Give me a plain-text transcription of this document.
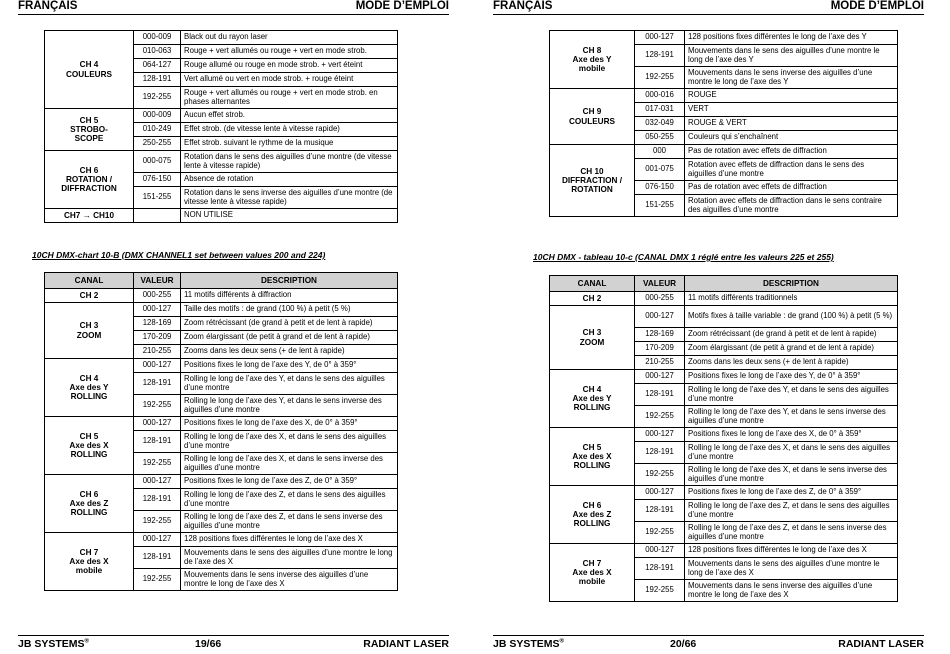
FRANÇAIS	MODE D’EMPLOI
CH 4
COULEURS	000-009	Black out du rayon laser
	010-063	Rouge + vert allumés ou rouge + vert en mode strob.
	064-127	Rouge allumé ou rouge en mode strob. + vert éteint
	128-191	Vert allumé ou vert en mode strob. + rouge éteint
	192-255	Rouge + vert allumés ou rouge + vert en mode strob. en phases alternantes

CH 5
STROBO-
SCOPE	000-009	Aucun effet strob.
	010-249	Effet strob. (de vitesse lente à vitesse rapide)
	250-255	Effet strob. suivant le rythme de la musique

CH 6
ROTATION /
DIFFRACTION	000-075	Rotation dans le sens des aiguilles d’une montre (de vitesse lente à vitesse rapide)
	076-150	Absence de rotation
	151-255	Rotation dans le sens inverse des aiguilles d’une montre (de vitesse lente à vitesse rapide)

CH7 → CH10		NON UTILISE
10CH DMX-chart 10-B (DMX CHANNEL1 set between values 200 and 224)
CANAL	VALEUR	DESCRIPTION

CH 2	000-255	11 motifs différents à diffraction

CH 3
ZOOM	000-127	Taille des motifs : de grand (100 %) à petit (5 %)
	128-169	Zoom rétrécissant (de grand à petit et de lent à rapide)
	170-209	Zoom élargissant (de petit à grand et de lent à rapide)
	210-255	Zooms dans les deux sens (+ de lent à rapide)

CH 4
Axe des Y
ROLLING	000-127	Positions fixes le long de l’axe des Y, de 0° à 359°
	128-191	Rolling le long de l’axe des Y, et dans le sens des aiguilles d’une montre
	192-255	Rolling le long de l’axe des Y, et dans le sens inverse des aiguilles d’une montre

CH 5
Axe des X
ROLLING	000-127	Positions fixes le long de l’axe des X, de 0° à 359°
	128-191	Rolling le long de l’axe des X, et dans le sens des aiguilles d’une montre
	192-255	Rolling le long de l’axe des X, et dans le sens inverse des aiguilles d’une montre

CH 6
Axe des Z
ROLLING	000-127	Positions fixes le long de l’axe des Z, de 0° à 359°
	128-191	Rolling le long de l’axe des Z, et dans le sens des aiguilles d’une montre
	192-255	Rolling le long de l’axe des Z, et dans le sens inverse des aiguilles d’une montre

CH 7
Axe des X
mobile	000-127	128 positions fixes différentes le long de l’axe des X
	128-191	Mouvements dans le sens des aiguilles d’une montre le long de l’axe des X
	192-255	Mouvements dans le sens inverse des aiguilles d’une montre le long de l’axe des X
JB SYSTEMS®	19/66	RADIANT LASER
FRANÇAIS	MODE D’EMPLOI
CH 8
Axe des Y
mobile	000-127	128 positions fixes différentes le long de l’axe des Y
	128-191	Mouvements dans le sens des aiguilles d’une montre le long de l’axe des Y
	192-255	Mouvements dans le sens inverse des aiguilles d’une montre le long de l’axe des Y

CH 9
COULEURS	000-016	ROUGE
	017-031	VERT
	032-049	ROUGE & VERT
	050-255	Couleurs qui s’enchaînent

CH 10
DIFFRACTION /
ROTATION	000	Pas de rotation avec effets de diffraction
	001-075	Rotation avec effets de diffraction dans le sens des aiguilles d’une montre
	076-150	Pas de rotation avec effets de diffraction
	151-255	Rotation avec effets de diffraction dans le sens contraire des aiguilles d’une montre
10CH DMX - tableau 10-c (CANAL DMX 1 réglé entre les valeurs 225 et 255)
CANAL	VALEUR	DESCRIPTION

CH 2	000-255	11 motifs différents traditionnels

CH 3
ZOOM	000-127	Motifs fixes à taille variable : de grand (100 %) à petit (5 %)
	128-169	Zoom rétrécissant (de grand à petit et de lent à rapide)
	170-209	Zoom élargissant (de petit à grand et de lent à rapide)
	210-255	Zooms dans les deux sens (+ de lent à rapide)

CH 4
Axe des Y
ROLLING	000-127	Positions fixes le long de l’axe des Y, de 0° à 359°
	128-191	Rolling le long de l’axe des Y, et dans le sens des aiguilles d’une montre
	192-255	Rolling le long de l’axe des Y, et dans le sens inverse des aiguilles d’une montre

CH 5
Axe des X
ROLLING	000-127	Positions fixes le long de l’axe des X, de 0° à 359°
	128-191	Rolling le long de l’axe des X, et dans le sens des aiguilles d’une montre
	192-255	Rolling le long de l’axe des X, et dans le sens inverse des aiguilles d’une montre

CH 6
Axe des Z
ROLLING	000-127	Positions fixes le long de l’axe des Z, de 0° à 359°
	128-191	Rolling le long de l’axe des Z, et dans le sens des aiguilles d’une montre
	192-255	Rolling le long de l’axe des Z, et dans le sens inverse des aiguilles d’une montre

CH 7
Axe des X
mobile	000-127	128 positions fixes différentes le long de l’axe des X
	128-191	Mouvements dans le sens des aiguilles d’une montre le long de l’axe des X
	192-255	Mouvements dans le sens inverse des aiguilles d’une montre le long de l’axe des X
JB SYSTEMS®	20/66	RADIANT LASER
